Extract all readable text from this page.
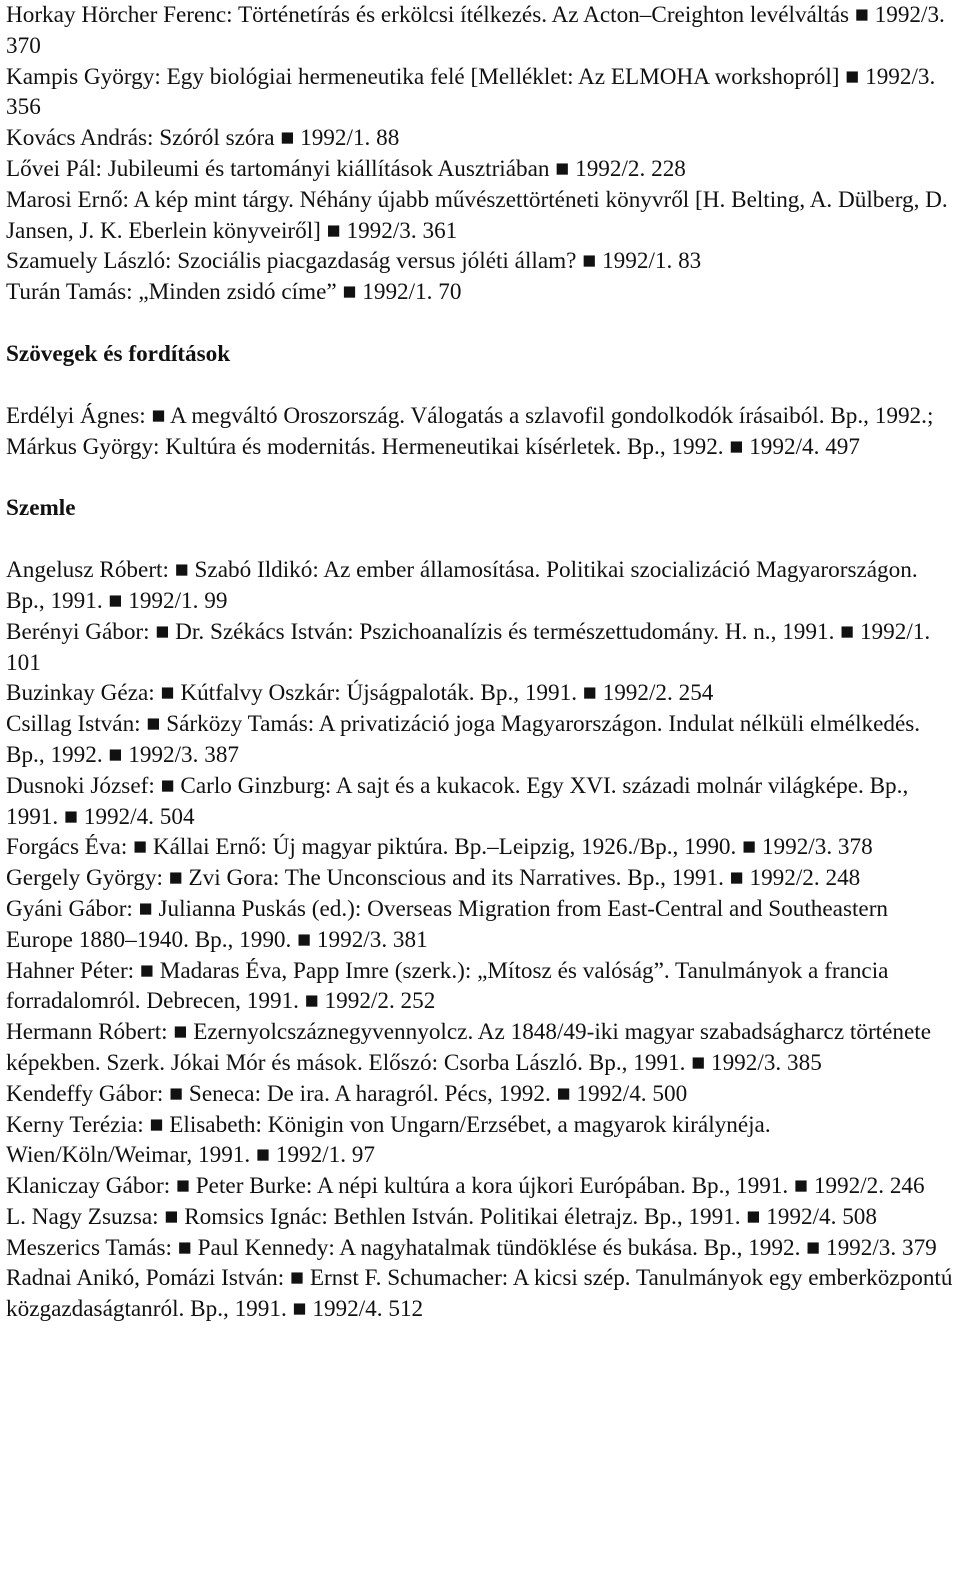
Horkay Hörcher Ferenc: Történetírás és erkölcsi ítélkezés. Az Acton–Creighton levélváltás ■ 1992/3. 370

Kampis György: Egy biológiai hermeneutika felé [Melléklet: Az ELMOHA workshopról] ■ 1992/3. 356

Kovács András: Szóról szóra ■ 1992/1. 88

Lővei Pál: Jubileumi és tartományi kiállítások Ausztriában ■ 1992/2. 228

Marosi Ernő: A kép mint tárgy. Néhány újabb művészettörténeti könyvről [H. Belting, A. Dülberg, D. Jansen, J. K. Eberlein könyveiről] ■ 1992/3. 361

Szamuely László: Szociális piacgazdaság versus jóléti állam? ■ 1992/1. 83

Turán Tamás: „Minden zsidó címe” ■ 1992/1. 70

Szövegek és fordítások

Erdélyi Ágnes: ■ A megváltó Oroszország. Válogatás a szlavofil gondolkodók írásaiból. Bp., 1992.; Márkus György: Kultúra és modernitás. Hermeneutikai kísérletek. Bp., 1992. ■ 1992/4. 497

Szemle

Angelusz Róbert: ■ Szabó Ildikó: Az ember államosítása. Politikai szocializáció Magyarországon. Bp., 1991. ■ 1992/1. 99

Berényi Gábor: ■ Dr. Székács István: Pszichoanalízis és természettudomány. H. n., 1991. ■ 1992/1. 101

Buzinkay Géza: ■ Kútfalvy Oszkár: Újságpaloták. Bp., 1991. ■ 1992/2. 254

Csillag István: ■ Sárközy Tamás: A privatizáció joga Magyarországon. Indulat nélküli elmélkedés. Bp., 1992. ■ 1992/3. 387

Dusnoki József: ■ Carlo Ginzburg: A sajt és a kukacok. Egy XVI. századi molnár világképe. Bp., 1991. ■ 1992/4. 504

Forgács Éva: ■ Kállai Ernő: Új magyar piktúra. Bp.–Leipzig, 1926./Bp., 1990. ■ 1992/3. 378

Gergely György: ■ Zvi Gora: The Unconscious and its Narratives. Bp., 1991. ■ 1992/2. 248

Gyáni Gábor: ■ Julianna Puskás (ed.): Overseas Migration from East-Central and Southeastern Europe 1880–1940. Bp., 1990. ■ 1992/3. 381

Hahner Péter: ■ Madaras Éva, Papp Imre (szerk.): „Mítosz és valóság”. Tanulmányok a francia forradalomról. Debrecen, 1991. ■ 1992/2. 252

Hermann Róbert: ■ Ezernyolcszáznegyvennyolcz. Az 1848/49-iki magyar szabadságharcz története képekben. Szerk. Jókai Mór és mások. Előszó: Csorba László. Bp., 1991. ■ 1992/3. 385

Kendeffy Gábor: ■ Seneca: De ira. A haragról. Pécs, 1992. ■ 1992/4. 500

Kerny Terézia: ■ Elisabeth: Königin von Ungarn/Erzsébet, a magyarok királynéja. Wien/Köln/Weimar, 1991. ■ 1992/1. 97

Klaniczay Gábor: ■ Peter Burke: A népi kultúra a kora újkori Európában. Bp., 1991. ■ 1992/2. 246

L. Nagy Zsuzsa: ■ Romsics Ignác: Bethlen István. Politikai életrajz. Bp., 1991. ■ 1992/4. 508

Meszerics Tamás: ■ Paul Kennedy: A nagyhatalmak tündöklése és bukása. Bp., 1992. ■ 1992/3. 379

Radnai Anikó, Pomázi István: ■ Ernst F. Schumacher: A kicsi szép. Tanulmányok egy emberközpontú közgazdaságtanról. Bp., 1991. ■ 1992/4. 512
